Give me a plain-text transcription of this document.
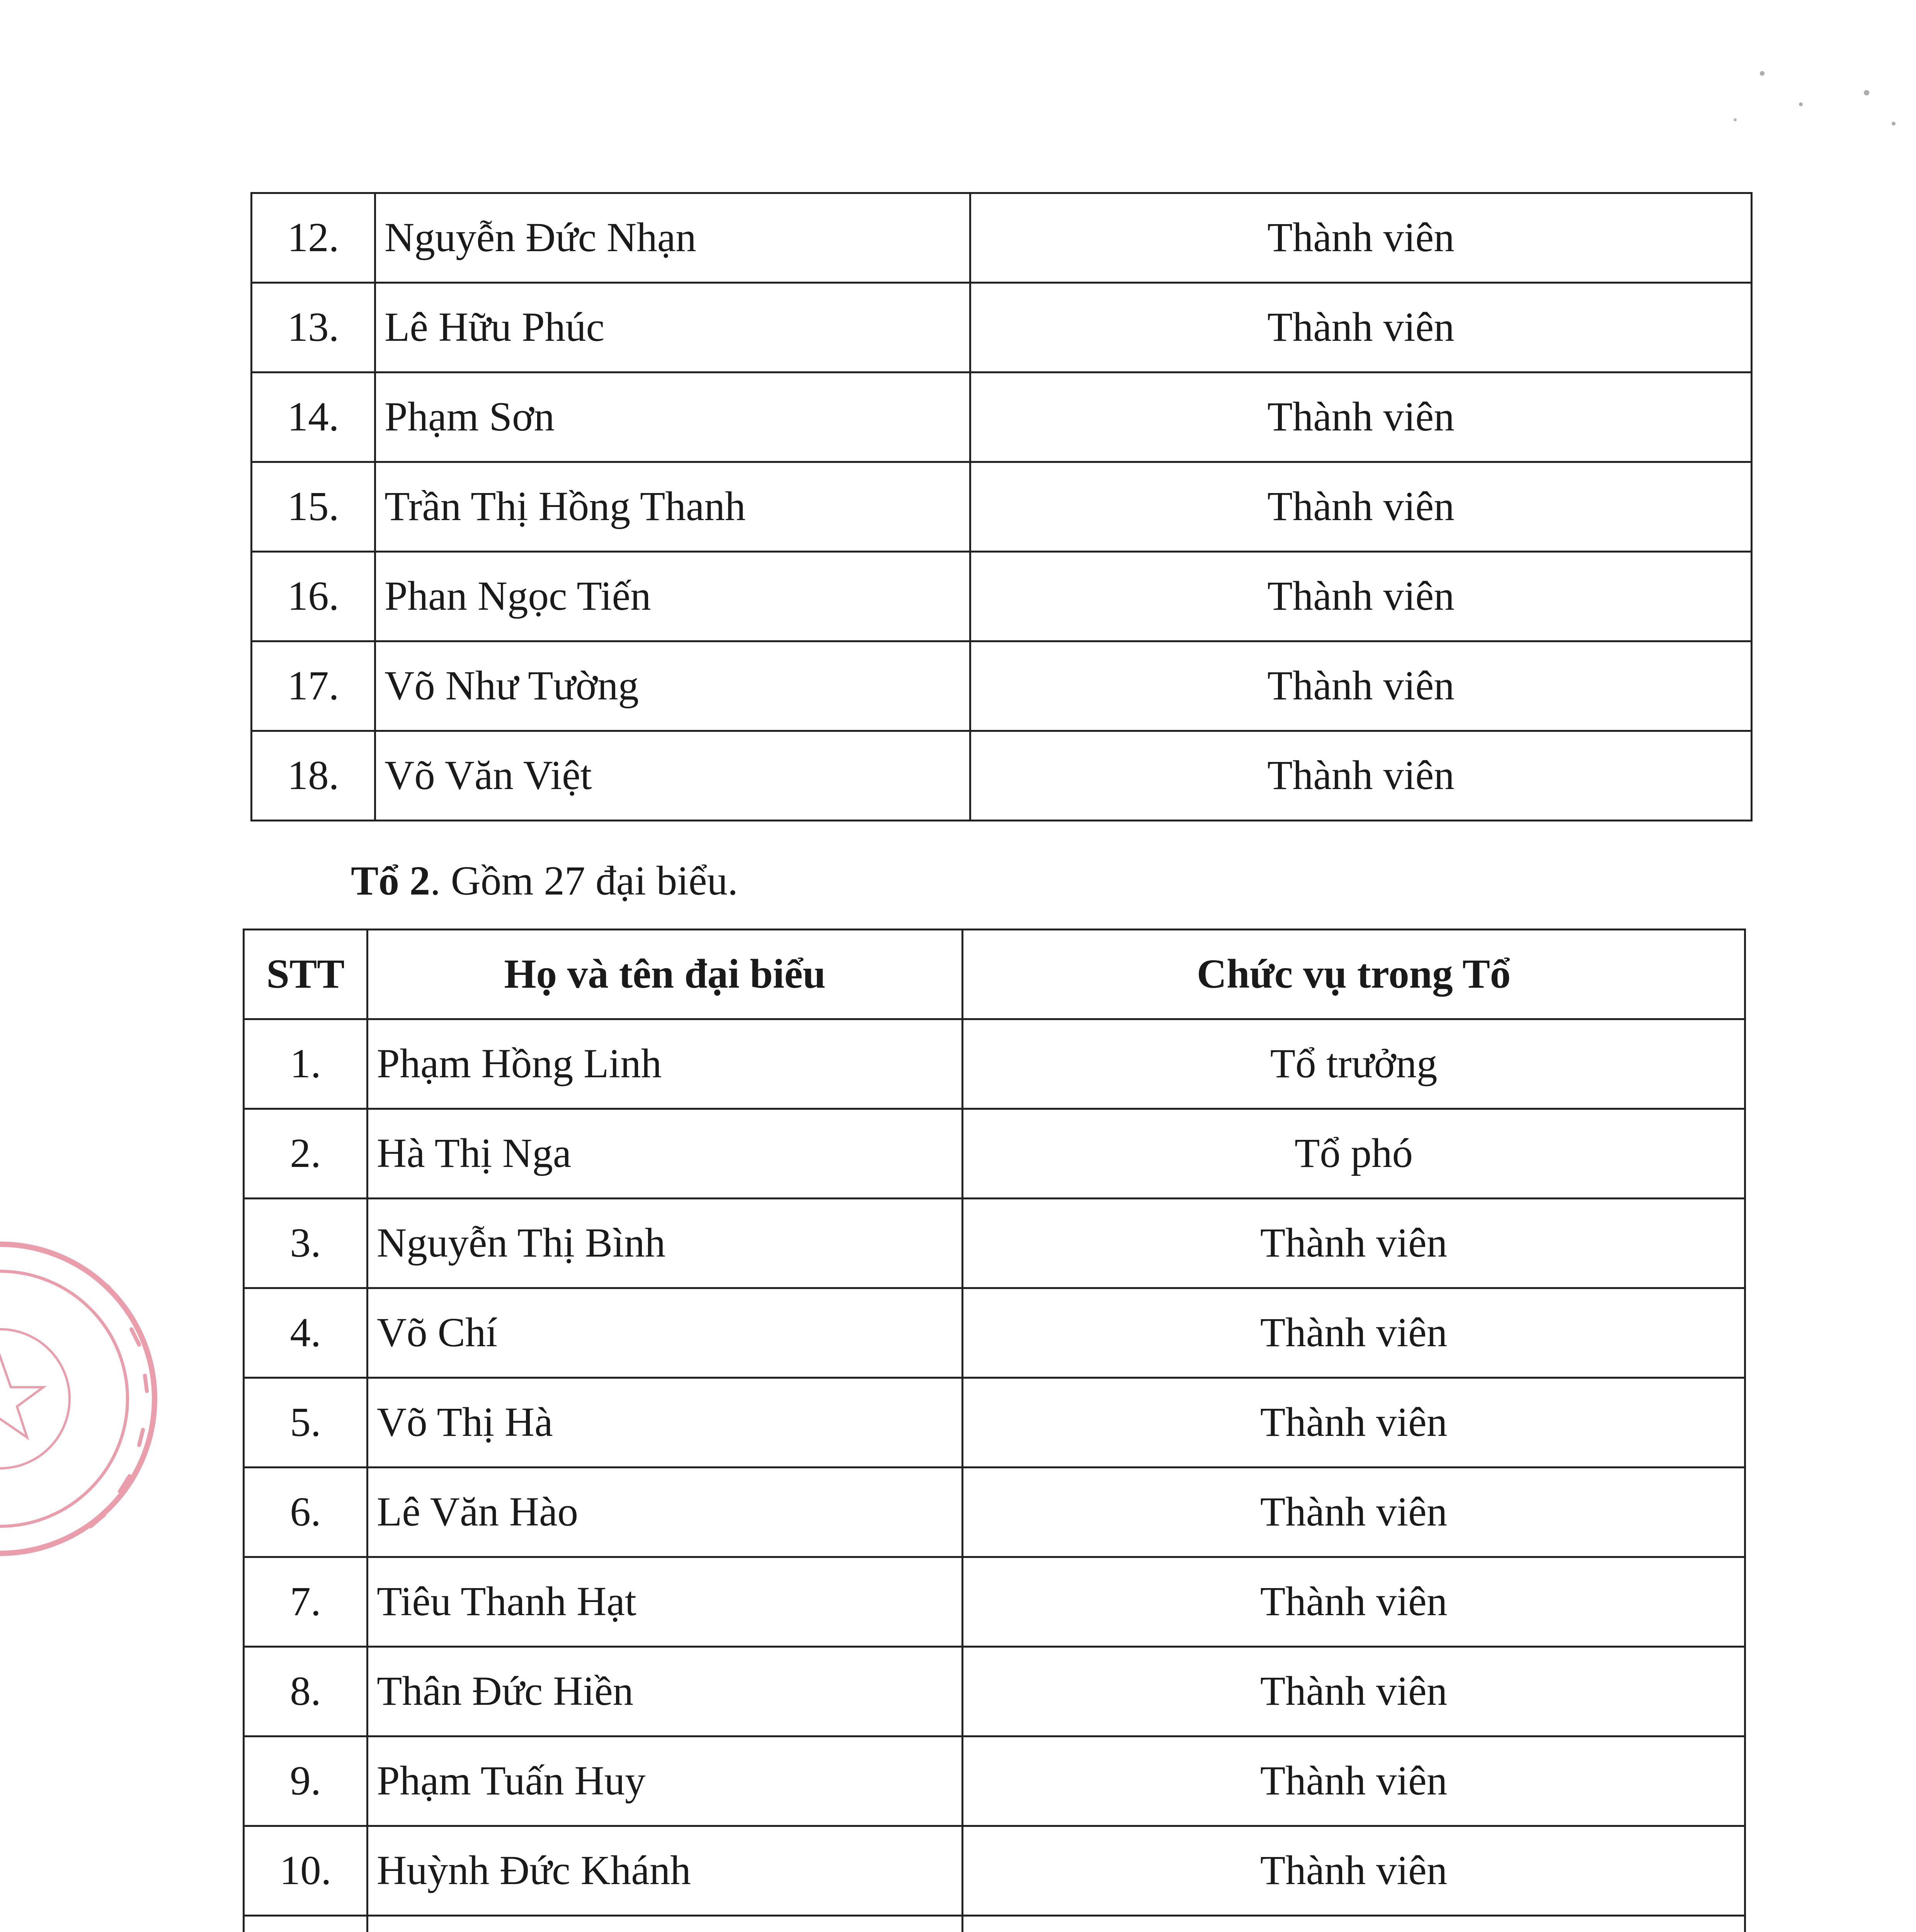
12.	Nguyễn Đức Nhạn	Thành viên
13.	Lê Hữu Phúc	Thành viên
14.	Phạm Sơn	Thành viên
15.	Trần Thị Hồng Thanh	Thành viên
16.	Phan Ngọc Tiến	Thành viên
17.	Võ Như Tường	Thành viên
18.	Võ Văn Việt	Thành viên
Tổ 2. Gồm 27 đại biểu.
STT	Họ và tên đại biểu	Chức vụ trong Tổ
1.	Phạm Hồng Linh	Tổ trưởng
2.	Hà Thị Nga	Tổ phó
3.	Nguyễn Thị Bình	Thành viên
4.	Võ Chí	Thành viên
5.	Võ Thị Hà	Thành viên
6.	Lê Văn Hào	Thành viên
7.	Tiêu Thanh Hạt	Thành viên
8.	Thân Đức Hiền	Thành viên
9.	Phạm Tuấn Huy	Thành viên
10.	Huỳnh Đức Khánh	Thành viên
